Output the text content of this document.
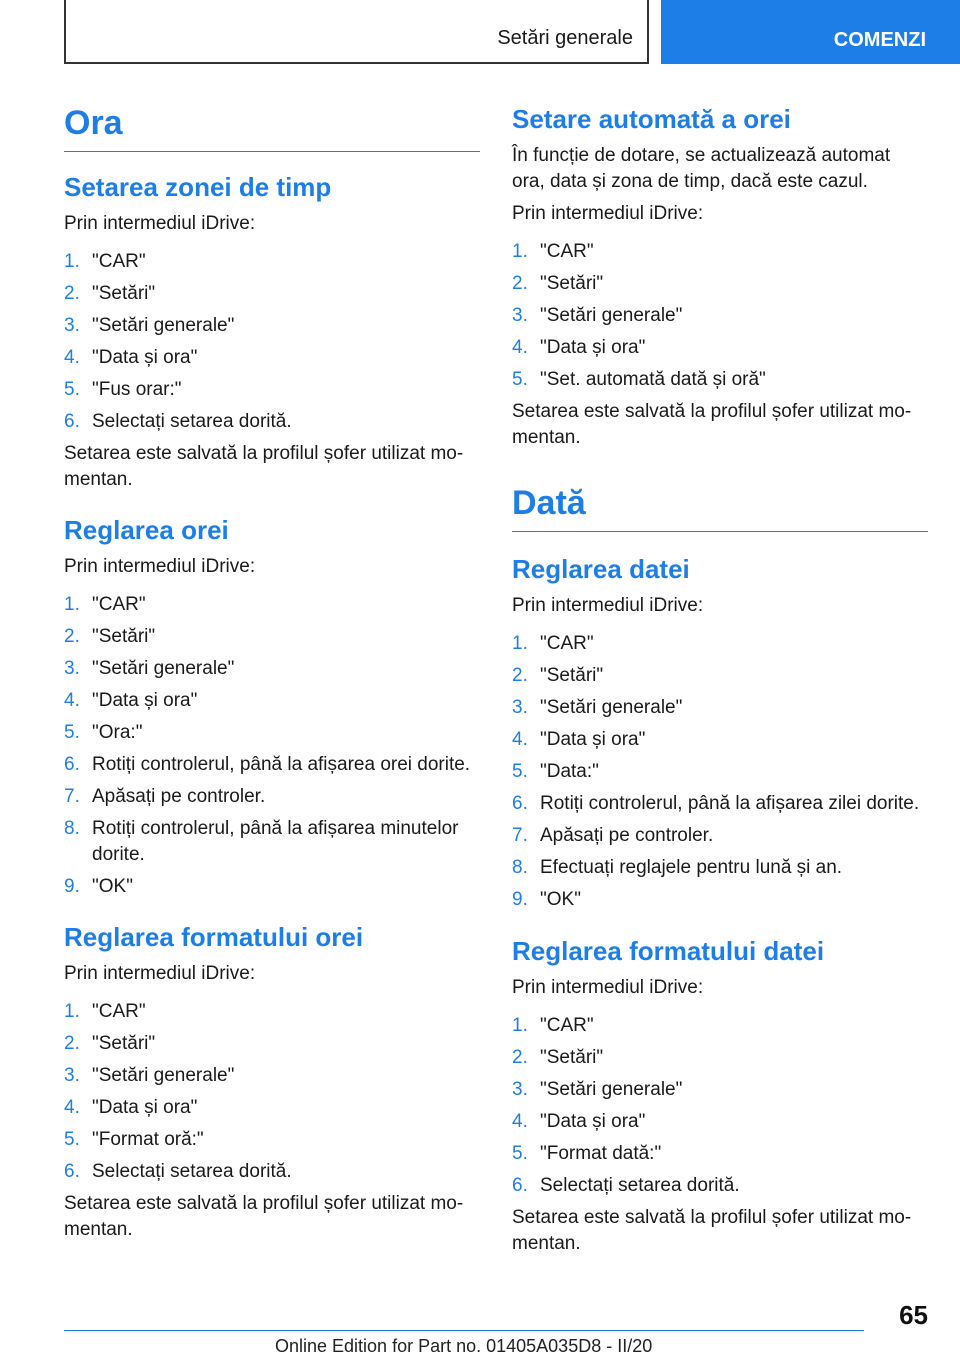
Setări generale	COMENZI
Ora
Setarea zonei de timp

Prin intermediul iDrive:

1. "CAR"
2. "Setări"
3. "Setări generale"
4. "Data și ora"
5. "Fus orar:"
6. Selectați setarea dorită.

Setarea este salvată la profilul șofer utilizat mo‐mentan.

Reglarea orei

Prin intermediul iDrive:

1. "CAR"
2. "Setări"
3. "Setări generale"
4. "Data și ora"
5. "Ora:"
6. Rotiți controlerul, până la afișarea orei dorite.
7. Apăsați pe controler.
8. Rotiți controlerul, până la afișarea minutelor dorite.
9. "OK"
Reglarea formatului orei

Prin intermediul iDrive:

1. "CAR"
2. "Setări"
3. "Setări generale"
4. "Data și ora"
5. "Format oră:"
6. Selectați setarea dorită.

Setarea este salvată la profilul șofer utilizat mo‐mentan.

Setare automată a orei

În funcție de dotare, se actualizează automat ora, data și zona de timp, dacă este cazul.

Prin intermediul iDrive:

1. "CAR"
2. "Setări"
3. "Setări generale"
4. "Data și ora"
5. "Set. automată dată și oră"

Setarea este salvată la profilul șofer utilizat mo‐mentan.

Dată
Reglarea datei

Prin intermediul iDrive:

1. "CAR"
2. "Setări"
3. "Setări generale"
4. "Data și ora"
5. "Data:"
6. Rotiți controlerul, până la afișarea zilei dorite.
7. Apăsați pe controler.
8. Efectuați reglajele pentru lună și an.
9. "OK"
Reglarea formatului datei

Prin intermediul iDrive:

1. "CAR"
2. "Setări"
3. "Setări generale"
4. "Data și ora"
5. "Format dată:"
6. Selectați setarea dorită.

Setarea este salvată la profilul șofer utilizat mo‐mentan.

65
Online Edition for Part no. 01405A035D8 - II/20
